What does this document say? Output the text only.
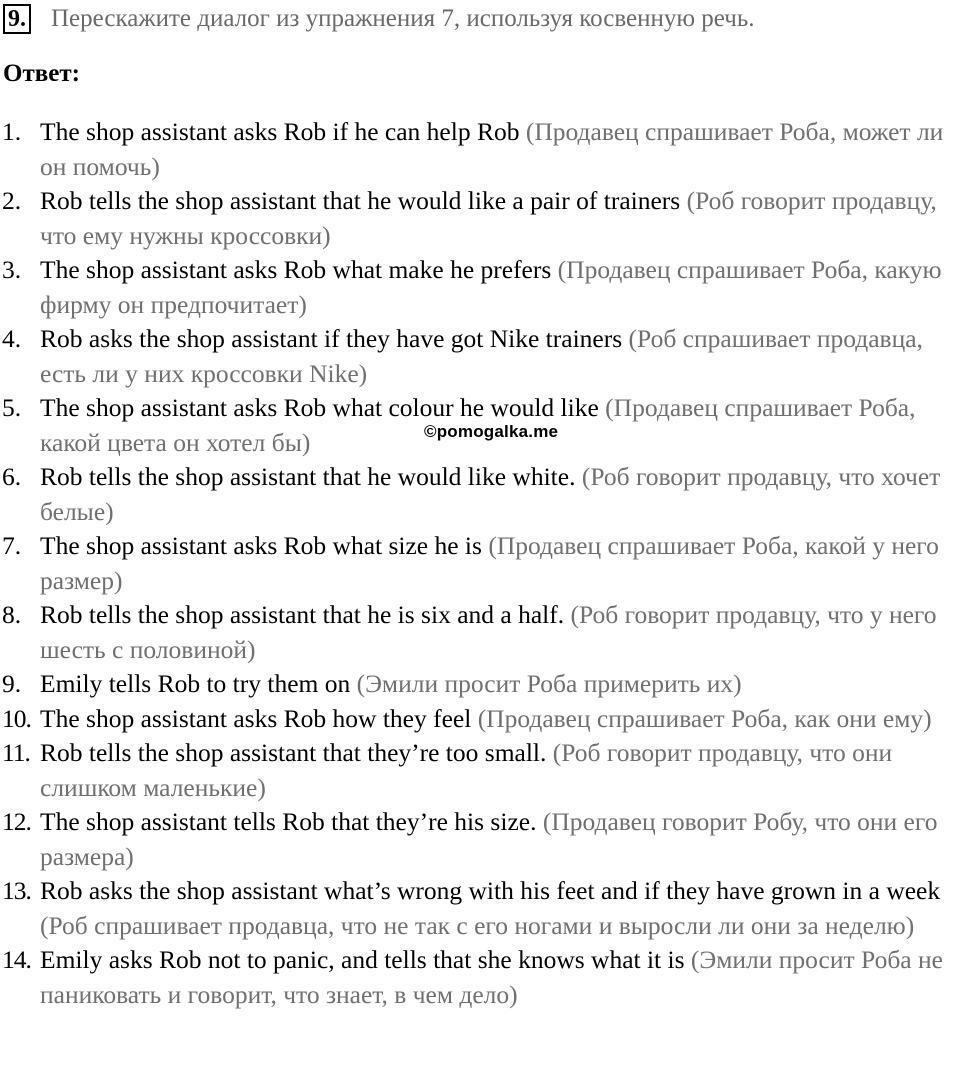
9. Перескажите диалог из упражнения 7, используя косвенную речь.
Ответ:
1. The shop assistant asks Rob if he can help Rob (Продавец спрашивает Роба, может ли он помочь)
2. Rob tells the shop assistant that he would like a pair of trainers (Роб говорит продавцу, что ему нужны кроссовки)
3. The shop assistant asks Rob what make he prefers (Продавец спрашивает Роба, какую фирму он предпочитает)
4. Rob asks the shop assistant if they have got Nike trainers (Роб спрашивает продавца, есть ли у них кроссовки Nike)
5. The shop assistant asks Rob what colour he would like (Продавец спрашивает Роба, какой цвета он хотел бы)
6. Rob tells the shop assistant that he would like white. (Роб говорит продавцу, что хочет белые)
7. The shop assistant asks Rob what size he is (Продавец спрашивает Роба, какой у него размер)
8. Rob tells the shop assistant that he is six and a half. (Роб говорит продавцу, что у него шесть с половиной)
9. Emily tells Rob to try them on (Эмили просит Роба примерить их)
10. The shop assistant asks Rob how they feel (Продавец спрашивает Роба, как они ему)
11. Rob tells the shop assistant that they’re too small. (Роб говорит продавцу, что они слишком маленькие)
12. The shop assistant tells Rob that they’re his size. (Продавец говорит Робу, что они его размера)
13. Rob asks the shop assistant what’s wrong with his feet and if they have grown in a week (Роб спрашивает продавца, что не так с его ногами и выросли ли они за неделю)
14. Emily asks Rob not to panic, and tells that she knows what it is (Эмили просит Роба не паниковать и говорит, что знает, в чем дело)
©pomogalka.me
